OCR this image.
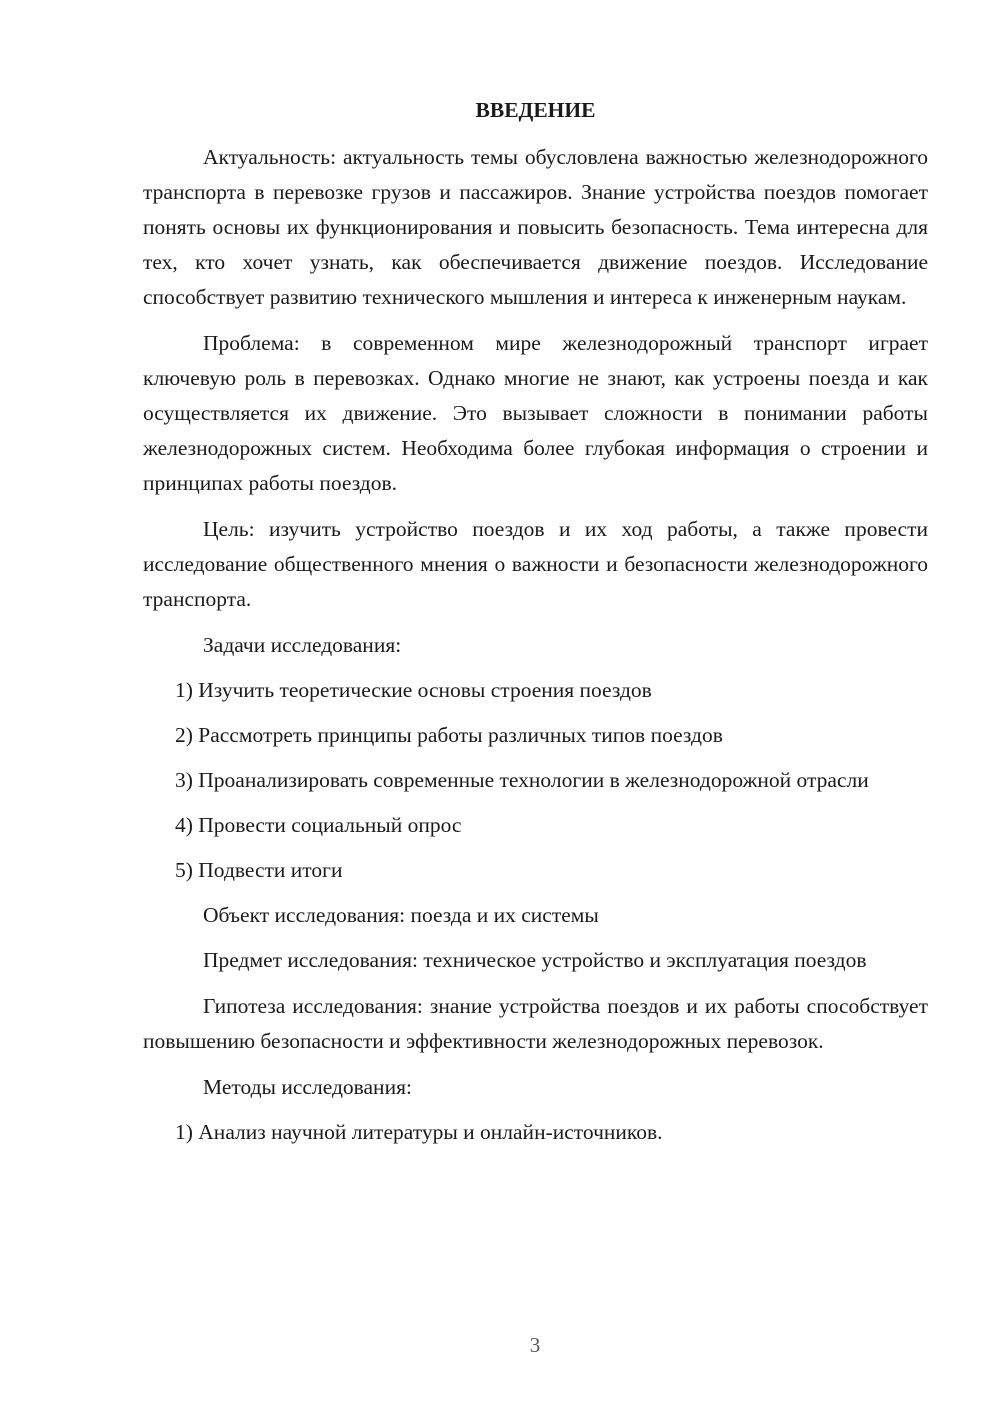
ВВЕДЕНИЕ

Актуальность: актуальность темы обусловлена важностью железнодорожного транспорта в перевозке грузов и пассажиров. Знание устройства поездов помогает понять основы их функционирования и повысить безопасность. Тема интересна для тех, кто хочет узнать, как обеспечивается движение поездов. Исследование способствует развитию технического мышления и интереса к инженерным наукам.

Проблема: в современном мире железнодорожный транспорт играет ключевую роль в перевозках. Однако многие не знают, как устроены поезда и как осуществляется их движение. Это вызывает сложности в понимании работы железнодорожных систем. Необходима более глубокая информация о строении и принципах работы поездов.

Цель: изучить устройство поездов и их ход работы, а также провести исследование общественного мнения о важности и безопасности железнодорожного транспорта.

Задачи исследования:

1) Изучить теоретические основы строения поездов

2) Рассмотреть принципы работы различных типов поездов

3) Проанализировать современные технологии в железнодорожной отрасли

4) Провести социальный опрос

5) Подвести итоги

Объект исследования: поезда и их системы

Предмет исследования: техническое устройство и эксплуатация поездов

Гипотеза исследования: знание устройства поездов и их работы способствует повышению безопасности и эффективности железнодорожных перевозок.

Методы исследования:

1) Анализ научной литературы и онлайн-источников.

3
